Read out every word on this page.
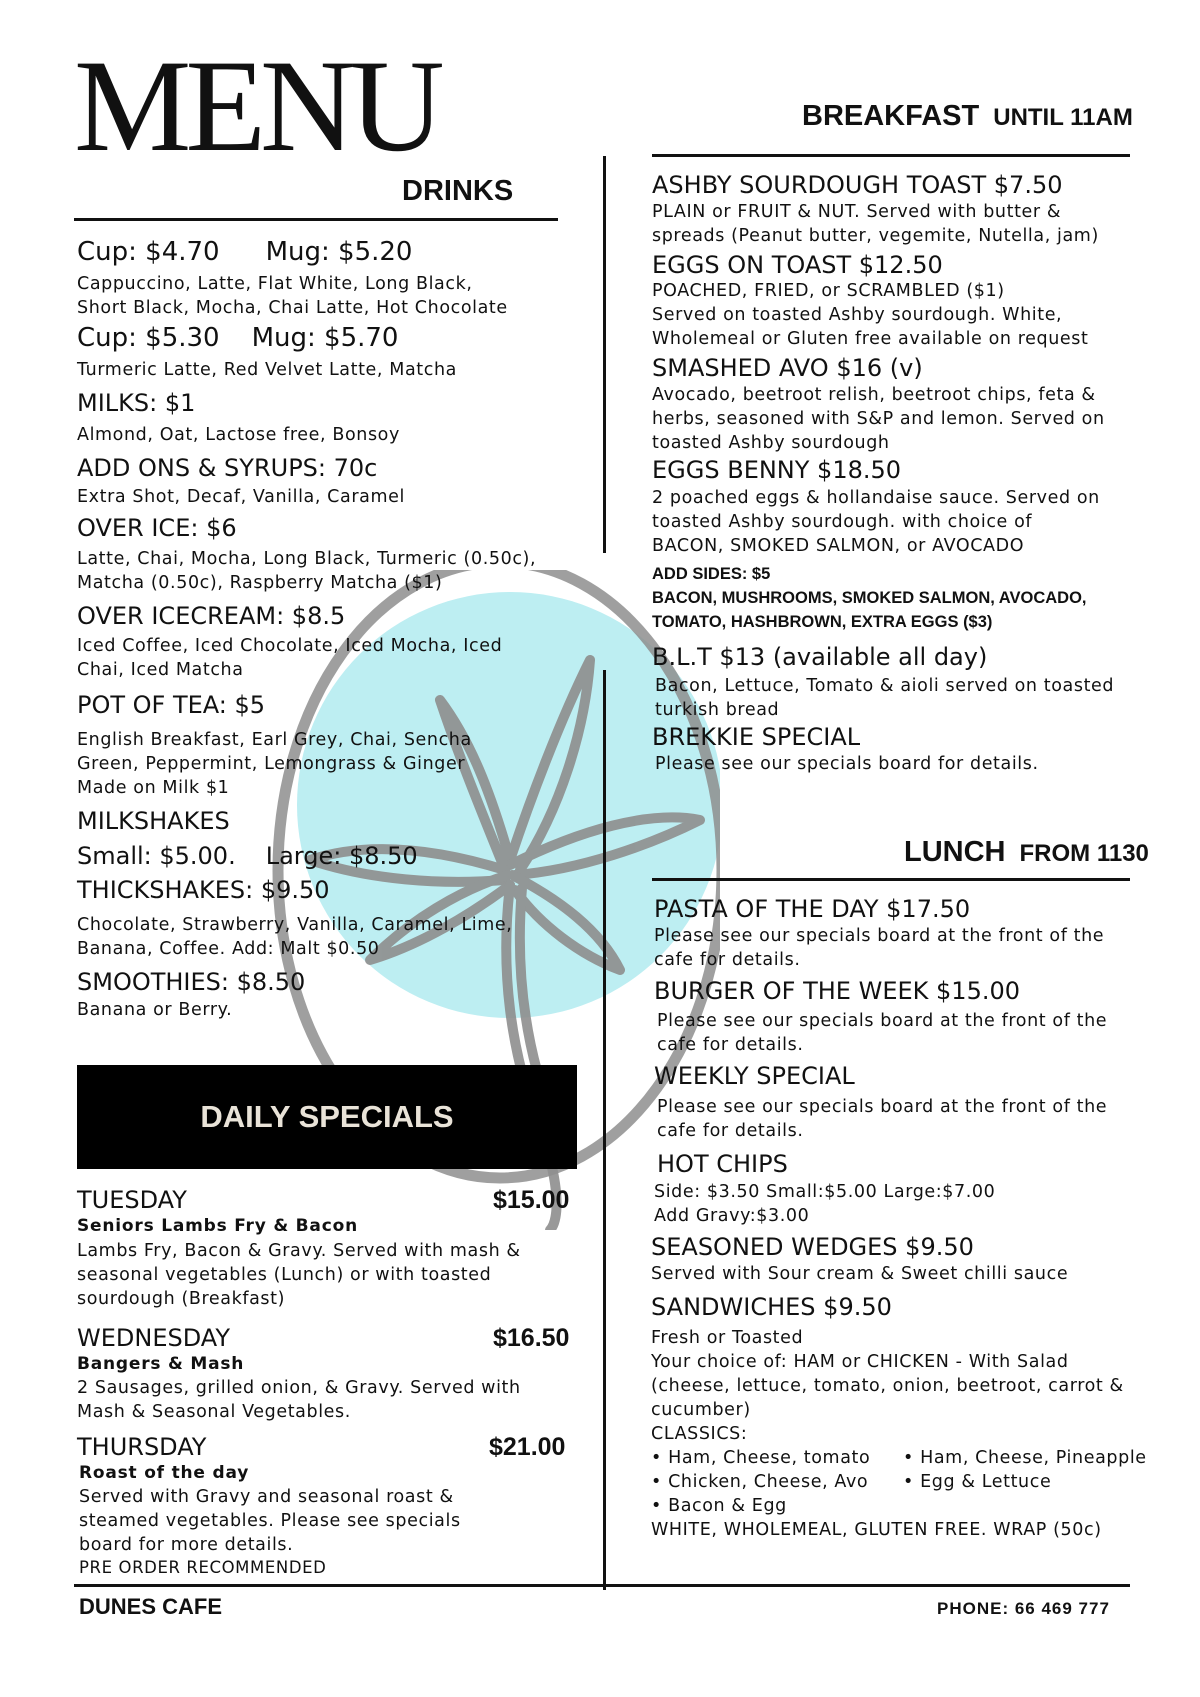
MENU
DRINKS
BREAKFAST UNTIL 11AM
Cup: $4.70 Mug: $5.20
Cappuccino, Latte, Flat White, Long Black,
Short Black, Mocha, Chai Latte, Hot Chocolate
Cup: $5.30 Mug: $5.70
Turmeric Latte, Red Velvet Latte, Matcha
MILKS: $1
Almond, Oat, Lactose free, Bonsoy
ADD ONS & SYRUPS: 70c
Extra Shot, Decaf, Vanilla, Caramel
OVER ICE: $6
Latte, Chai, Mocha, Long Black, Turmeric (0.50c),
Matcha (0.50c), Raspberry Matcha ($1)
OVER ICECREAM: $8.5
Iced Coffee, Iced Chocolate, Iced Mocha, Iced
Chai, Iced Matcha
POT OF TEA: $5
English Breakfast, Earl Grey, Chai, Sencha
Green, Peppermint, Lemongrass & Ginger
Made on Milk $1
MILKSHAKES
Small: $5.00. Large: $8.50
THICKSHAKES: $9.50
Chocolate, Strawberry, Vanilla, Caramel, Lime,
Banana, Coffee. Add: Malt $0.50
SMOOTHIES: $8.50
Banana or Berry.
DAILY SPECIALS
TUESDAY	$15.00
Seniors Lambs Fry & Bacon
Lambs Fry, Bacon & Gravy. Served with mash &
seasonal vegetables (Lunch) or with toasted
sourdough (Breakfast)
WEDNESDAY	$16.50
Bangers & Mash
2 Sausages, grilled onion, & Gravy. Served with
Mash & Seasonal Vegetables.
THURSDAY	$21.00
Roast of the day
Served with Gravy and seasonal roast &
steamed vegetables. Please see specials
board for more details.
PRE ORDER RECOMMENDED
ASHBY SOURDOUGH TOAST $7.50
PLAIN or FRUIT & NUT. Served with butter &
spreads (Peanut butter, vegemite, Nutella, jam)
EGGS ON TOAST $12.50
POACHED, FRIED, or SCRAMBLED ($1)
Served on toasted Ashby sourdough. White,
Wholemeal or Gluten free available on request
SMASHED AVO $16 (v)
Avocado, beetroot relish, beetroot chips, feta &
herbs, seasoned with S&P and lemon. Served on
toasted Ashby sourdough
EGGS BENNY $18.50
2 poached eggs & hollandaise sauce. Served on
toasted Ashby sourdough. with choice of
BACON, SMOKED SALMON, or AVOCADO
ADD SIDES: $5
BACON, MUSHROOMS, SMOKED SALMON, AVOCADO,
TOMATO, HASHBROWN, EXTRA EGGS ($3)
B.L.T $13 (available all day)
Bacon, Lettuce, Tomato & aioli served on toasted
turkish bread
BREKKIE SPECIAL
Please see our specials board for details.
LUNCH FROM 1130
PASTA OF THE DAY $17.50
Please see our specials board at the front of the
cafe for details.
BURGER OF THE WEEK $15.00
Please see our specials board at the front of the
cafe for details.
WEEKLY SPECIAL
Please see our specials board at the front of the
cafe for details.
HOT CHIPS
Side: $3.50 Small:$5.00 Large:$7.00
Add Gravy:$3.00
SEASONED WEDGES $9.50
Served with Sour cream & Sweet chilli sauce
SANDWICHES $9.50
Fresh or Toasted
Your choice of: HAM or CHICKEN - With Salad
(cheese, lettuce, tomato, onion, beetroot, carrot &
cucumber)
CLASSICS:
• Ham, Cheese, tomato
• Chicken, Cheese, Avo
• Bacon & Egg
• Ham, Cheese, Pineapple
• Egg & Lettuce
WHITE, WHOLEMEAL, GLUTEN FREE. WRAP (50c)
DUNES CAFE	PHONE: 66 469 777
